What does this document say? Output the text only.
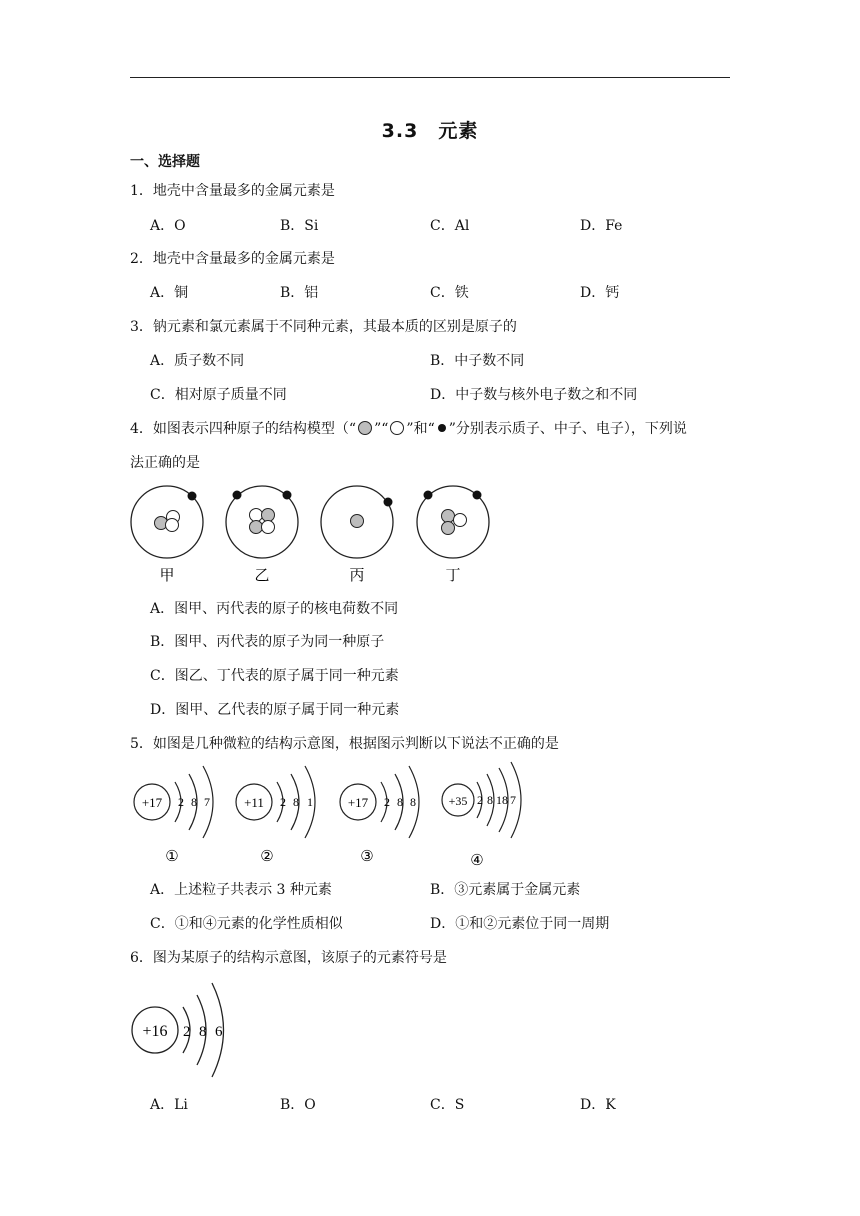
3.3　元素
一、选择题
1．地壳中含量最多的金属元素是
A．O	B．Si	C．Al	D．Fe
2．地壳中含量最多的金属元素是
A．铜	B．铝	C．铁	D．钙
3．钠元素和氯元素属于不同种元素，其最本质的区别是原子的
A．质子数不同	B．中子数不同
C．相对原子质量不同	D．中子数与核外电子数之和不同
4．如图表示四种原子的结构模型（“ ”“ ”和“ ”分别表示质子、中子、电子），下列说
法正确的是
甲	乙	丙	丁
A．图甲、丙代表的原子的核电荷数不同
B．图甲、丙代表的原子为同一种原子
C．图乙、丁代表的原子属于同一种元素
D．图甲、乙代表的原子属于同一种元素
5．如图是几种微粒的结构示意图，根据图示判断以下说法不正确的是
+17 2 8 7
①
+11 2 8 1
②
+17 2 8 8
③
+35 2 8 18 7
④
A．上述粒子共表示 3 种元素	B．③元素属于金属元素
C．①和④元素的化学性质相似	D．①和②元素位于同一周期
6．图为某原子的结构示意图，该原子的元素符号是
+16 2 8 6
A．Li	B．O	C．S	D．K
